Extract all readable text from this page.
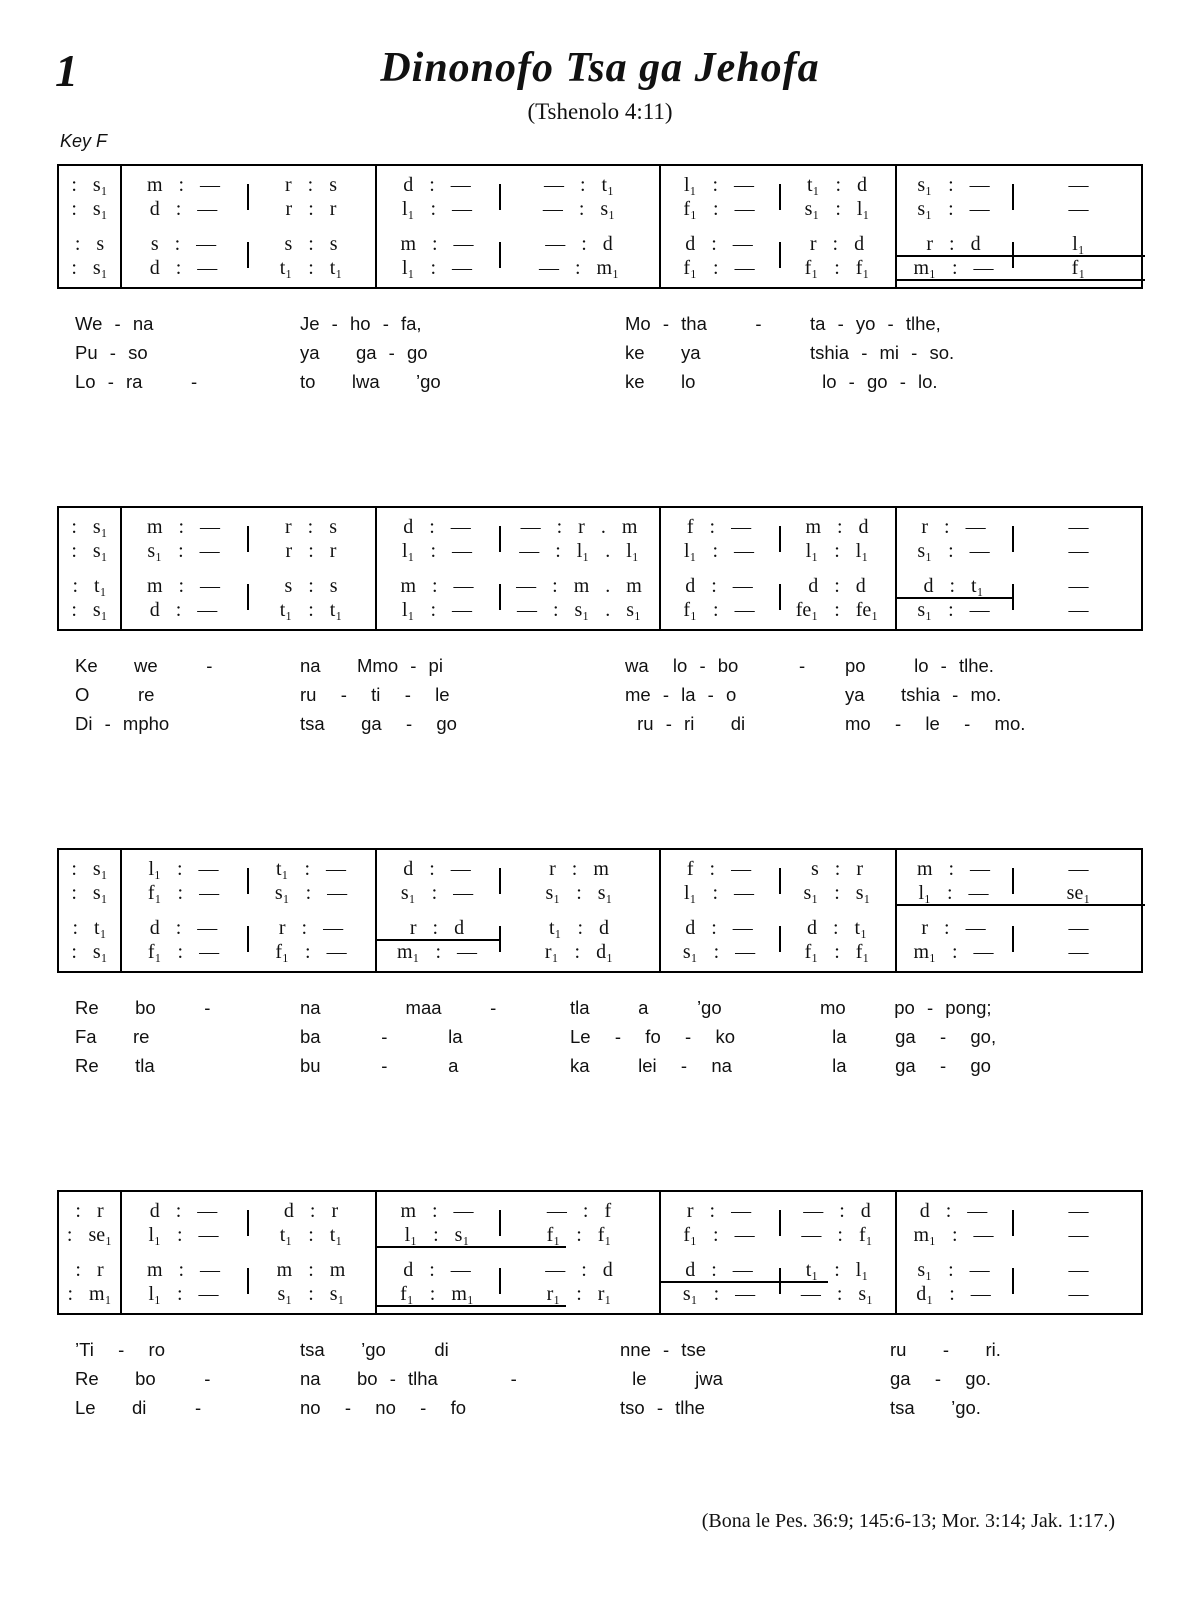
1	Dinonofo Tsa ga Jehofa
(Tshenolo 4:11)
Key F
: s₁	m : —	r : s	d : —	— : t₁	l₁ : —	t₁ : d	s₁ : —	—
: s₁	d : —	r : r	l₁ : —	— : s₁	f₁ : —	s₁ : l₁	s₁ : —	—
: s	s : —	s : s	m : —	— : d	d : —	r : d	r : d	l₁
: s₁	d : —	t₁ : t₁	l₁ : —	— : m₁	f₁ : —	f₁ : f₁	m₁ : —	f₁
We - na	Je - ho - fa,	Mo - tha    -	ta - yo - tlhe,
Pu - so	ya   ga - go	ke   ya	tshia - mi - so.
Lo - ra    -	to   lwa   ’go	ke   lo	lo - go - lo.
: s₁	m : —	r : s	d : —	— : r . m	f : —	m : d	r : —	—
: s₁	s₁ : —	r : r	l₁ : —	— : l₁ . l₁	l₁ : —	l₁ : l₁	s₁ : —	—
: t₁	m : —	s : s	m : —	— : m . m	d : —	d : d	d : t₁	—
: s₁	d : —	t₁ : t₁	l₁ : —	— : s₁ . s₁	f₁ : —	fe₁ : fe₁	s₁ : —	—
Ke   we    -	na   Mmo - pi	wa  lo - bo     -	po    lo - tlhe.
O    re	ru  -  ti  -  le	me - la - o	ya   tshia - mo.
Di - mpho	tsa   ga  -  go	ru - ri   di	mo  -  le  -  mo.
: s₁	l₁ : —	t₁ : —	d : —	r : m	f : —	s : r	m : —	—
: s₁	f₁ : —	s₁ : —	s₁ : —	s₁ : s₁	l₁ : —	s₁ : s₁	l₁ : —	se₁
: t₁	d : —	r : —	r : d	t₁ : d	d : —	d : t₁	r : —	—
: s₁	f₁ : —	f₁ : —	m₁ : —	r₁ : d₁	s₁ : —	f₁ : f₁	m₁ : —	—
Re   bo    -	na       maa    -	tla    a    ’go	mo    po - pong;
Fa   re	ba     -     la	Le  -  fo  -  ko	la    ga  -  go,
Re   tla	bu     -     a	ka    lei  -  na	la    ga  -  go
: r	d : —	d : r	m : —	— : f	r : —	— : d	d : —	—
: se₁	l₁ : —	t₁ : t₁	l₁ : s₁	f₁ : f₁	f₁ : —	— : f₁	m₁ : —	—
: r	m : —	m : m	d : —	— : d	d : —	t₁ : l₁	s₁ : —	—
: m₁	l₁ : —	s₁ : s₁	f₁ : m₁	r₁ : r₁	s₁ : —	— : s₁	d₁ : —	—
’Ti  -  ro	tsa   ’go    di	nne - tse	ru   -   ri.
Re   bo    -	na   bo - tlha      -	le    jwa	ga  -  go.
Le   di    -	no  -  no  -  fo	tso - tlhe	tsa   ’go.
(Bona le Pes. 36:9; 145:6-13; Mor. 3:14; Jak. 1:17.)
